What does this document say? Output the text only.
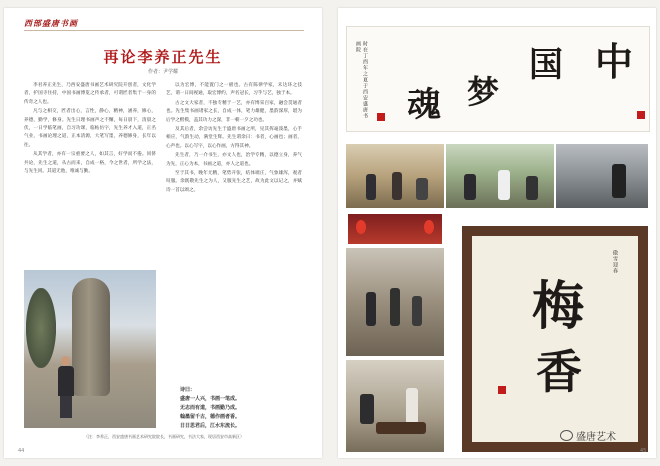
西部盛唐书画
再论李养正先生
作者：尹学耀

李君养正先生，乃西安盛唐书画艺术研究院开创者，文化学者，护国寺住持，中国书画博览之传承者，可谓匠者集于一身的传奇之人也。

凡与之相交，匠者出心，言性，静心，精神，涵养，修心，养德，勤学，修身。先生日理书画声之不懈，每日晨下，清晨之伏，一日学临笔画，自习功课，临帖仿字，先生养才入道，正名气业，书画论理之道，正本清源，大笔写墨，养德修身，长年以往。

从其学者，亦有一宗重要之人，如其言，好学而不倦。同侪共论，先生之道，从古而来，自成一格，今之世者，所学之法，与先生同。其道无他，唯诚与勤。

以为宏博，不能置门之一板也。古有陈律学家，未达环之技艺，谓一日间视通，取宏博约，声名冠长，习乎与艺，独于本。

古之文大家者，不独专精于一艺，亦有博采百家，融会贯通者也。先生集书画诸家之长，自成一体，笔力雄健，墨韵深厚，堪为后学之楷模，盖其功力之深，非一朝一夕之功也。

及其后者，余尝访先生于盛唐书画之所，见其挥毫泼墨，心手相应，气韵生动，满堂生辉。先生谓余曰：书者，心画也；画者，心声也。以心写字，以心作画，方得其神。

先生者，乃一介书生，亦文人也，治学专精，以德立身，养气为先，正心为本，书画之道，亦人之道也。

至于其书，晚年尤精，笔势开张，结体端庄，气象雄浑，观者叹服。余既敬先生之为人，又服先生之艺，故为此文以记之，并赋诗一首以颂之。

诗曰：
盛唐一人兴，书画一笔成。
无志而有道，书画勤乃成。
翰墨留千古，德作画者香。
日日思君后，江水东流长。
（注：李养正，西安盛唐书画艺术研究院院长，书画研究，书法大家，现居西安市高新区）
44
时在丁酉年之夏于西安盛唐书画院	中
国
梦
魂
傲雪迎春
梅
香
盛唐艺术
45
